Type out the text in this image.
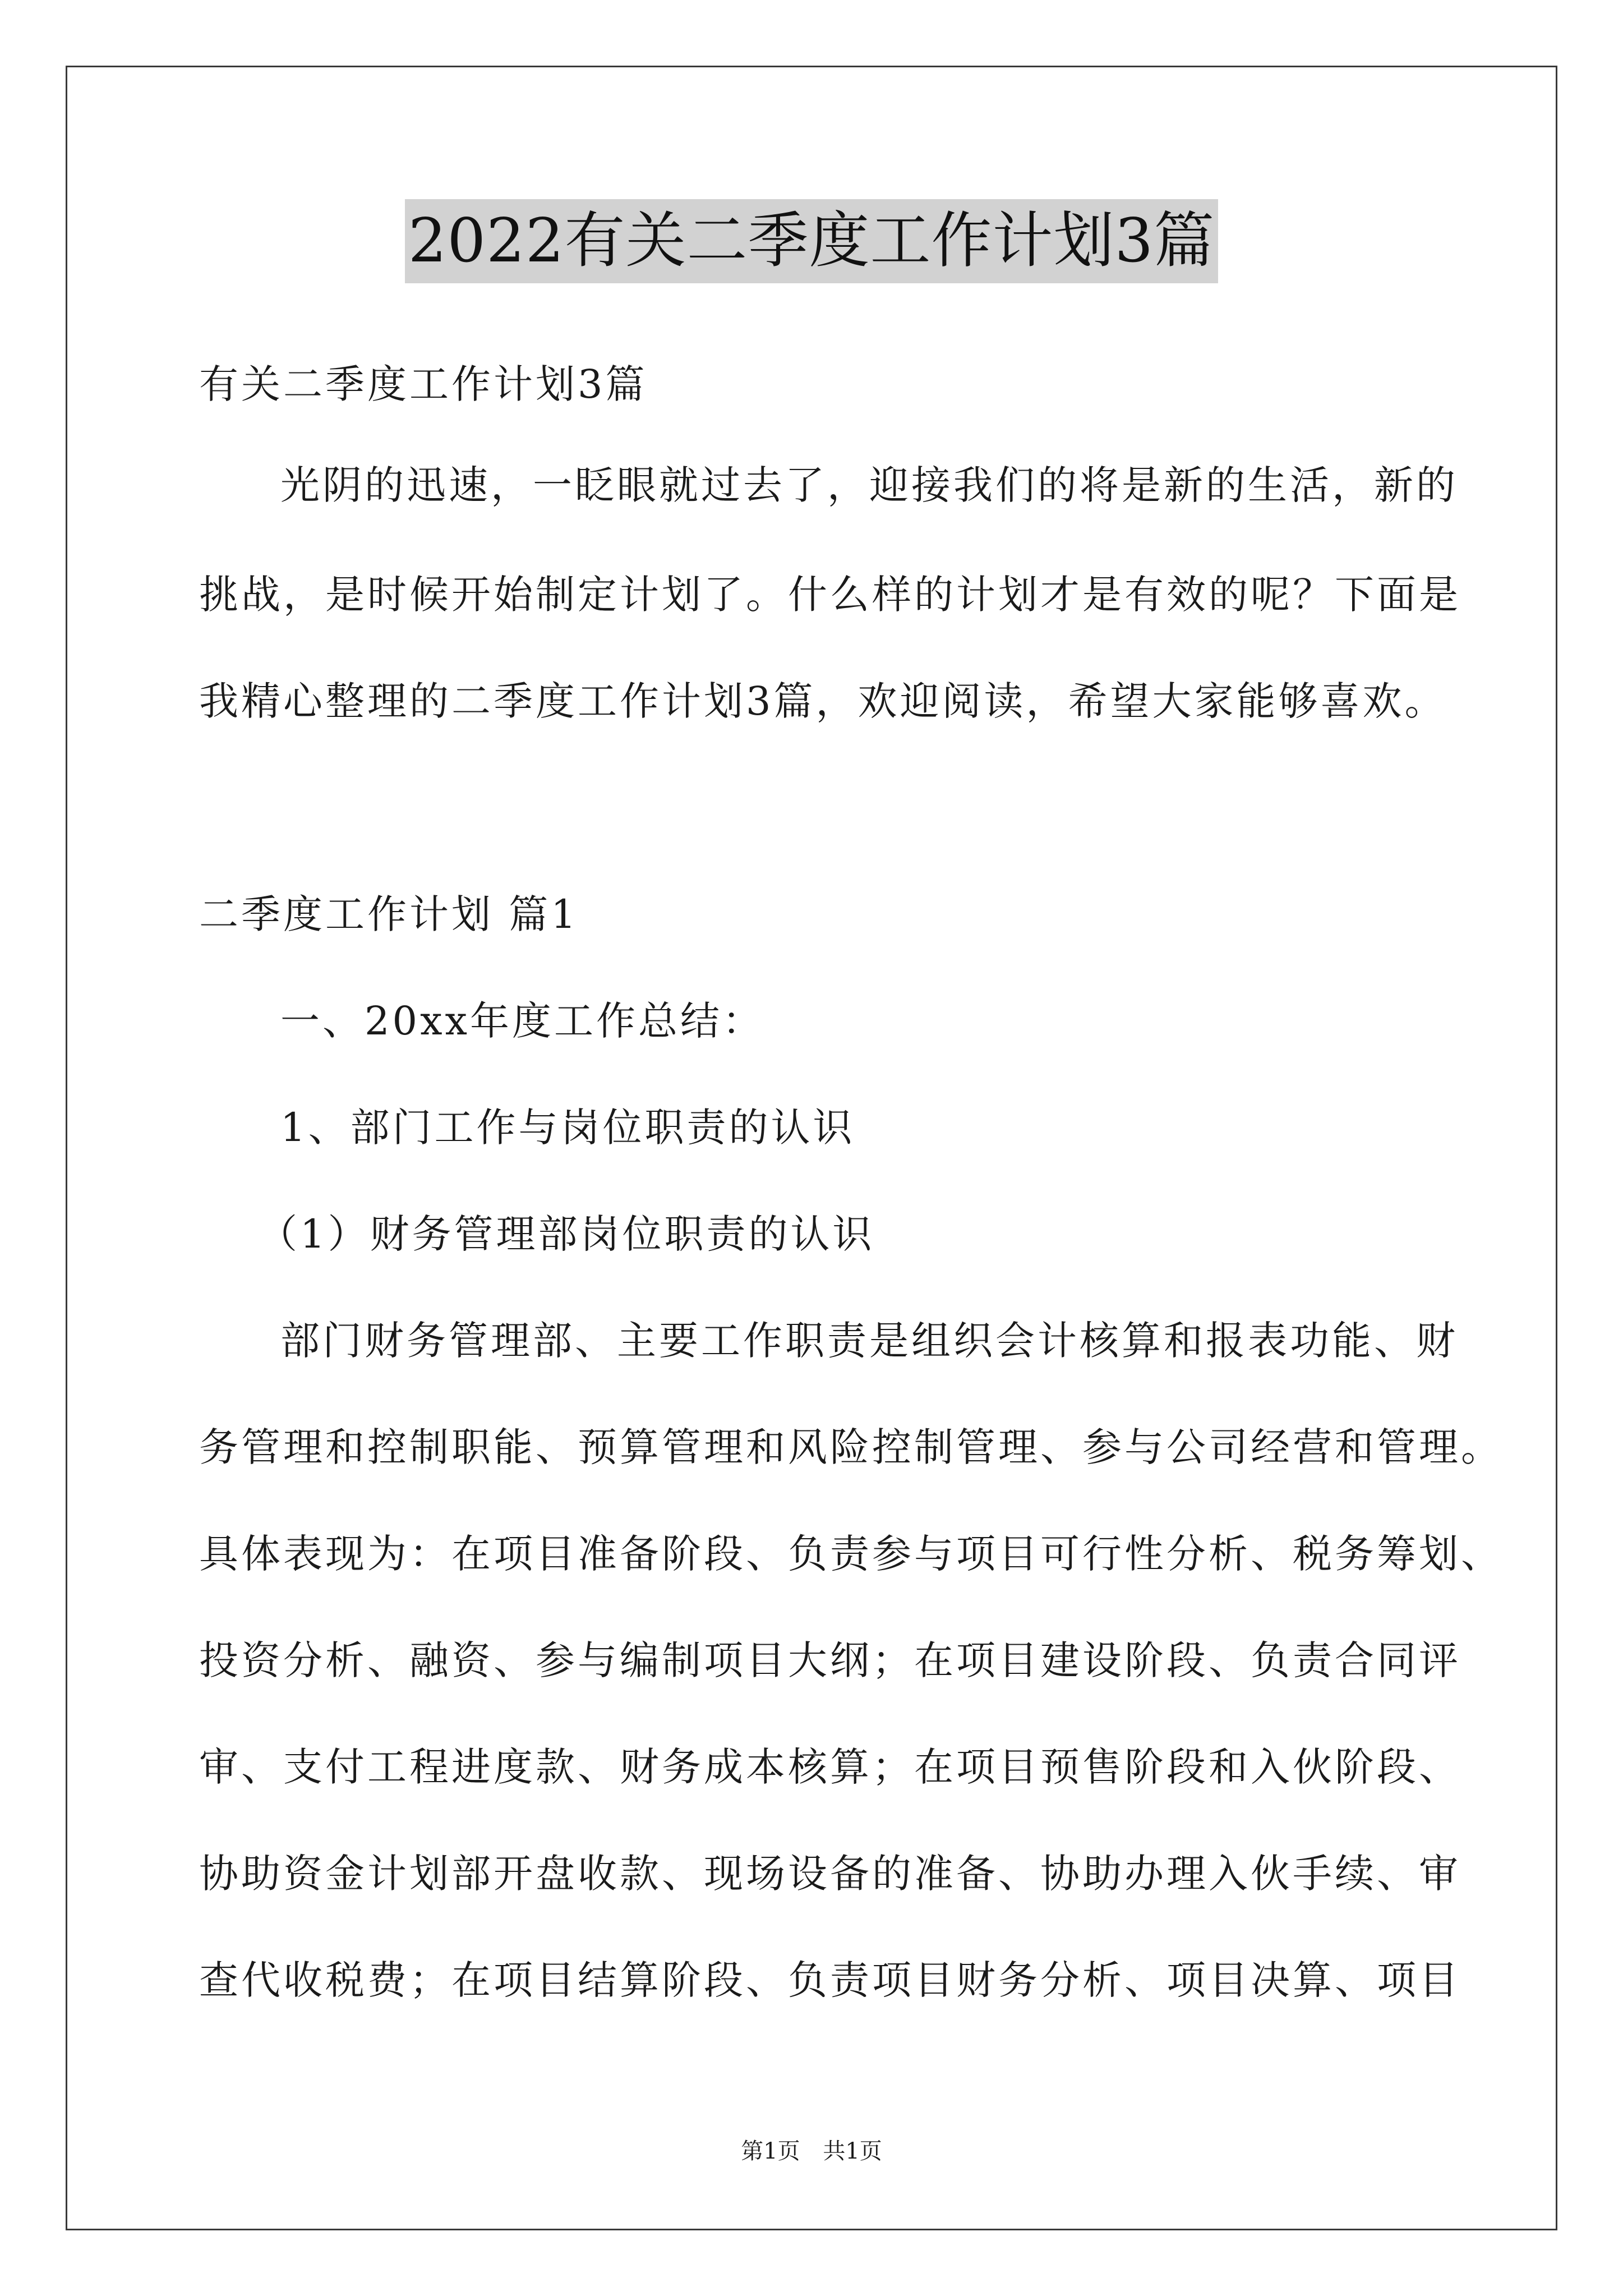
2022有关二季度工作计划3篇
有关二季度工作计划3篇
光阴的迅速，一眨眼就过去了，迎接我们的将是新的生活，新的
挑战，是时候开始制定计划了。什么样的计划才是有效的呢？下面是
我精心整理的二季度工作计划3篇，欢迎阅读，希望大家能够喜欢。
二季度工作计划 篇1
一、20xx年度工作总结：
1、部门工作与岗位职责的认识
（1）财务管理部岗位职责的认识
部门财务管理部、主要工作职责是组织会计核算和报表功能、财
务管理和控制职能、预算管理和风险控制管理、参与公司经营和管理。
具体表现为：在项目准备阶段、负责参与项目可行性分析、税务筹划、
投资分析、融资、参与编制项目大纲；在项目建设阶段、负责合同评
审、支付工程进度款、财务成本核算；在项目预售阶段和入伙阶段、
协助资金计划部开盘收款、现场设备的准备、协助办理入伙手续、审
查代收税费；在项目结算阶段、负责项目财务分析、项目决算、项目
第1页 共1页
